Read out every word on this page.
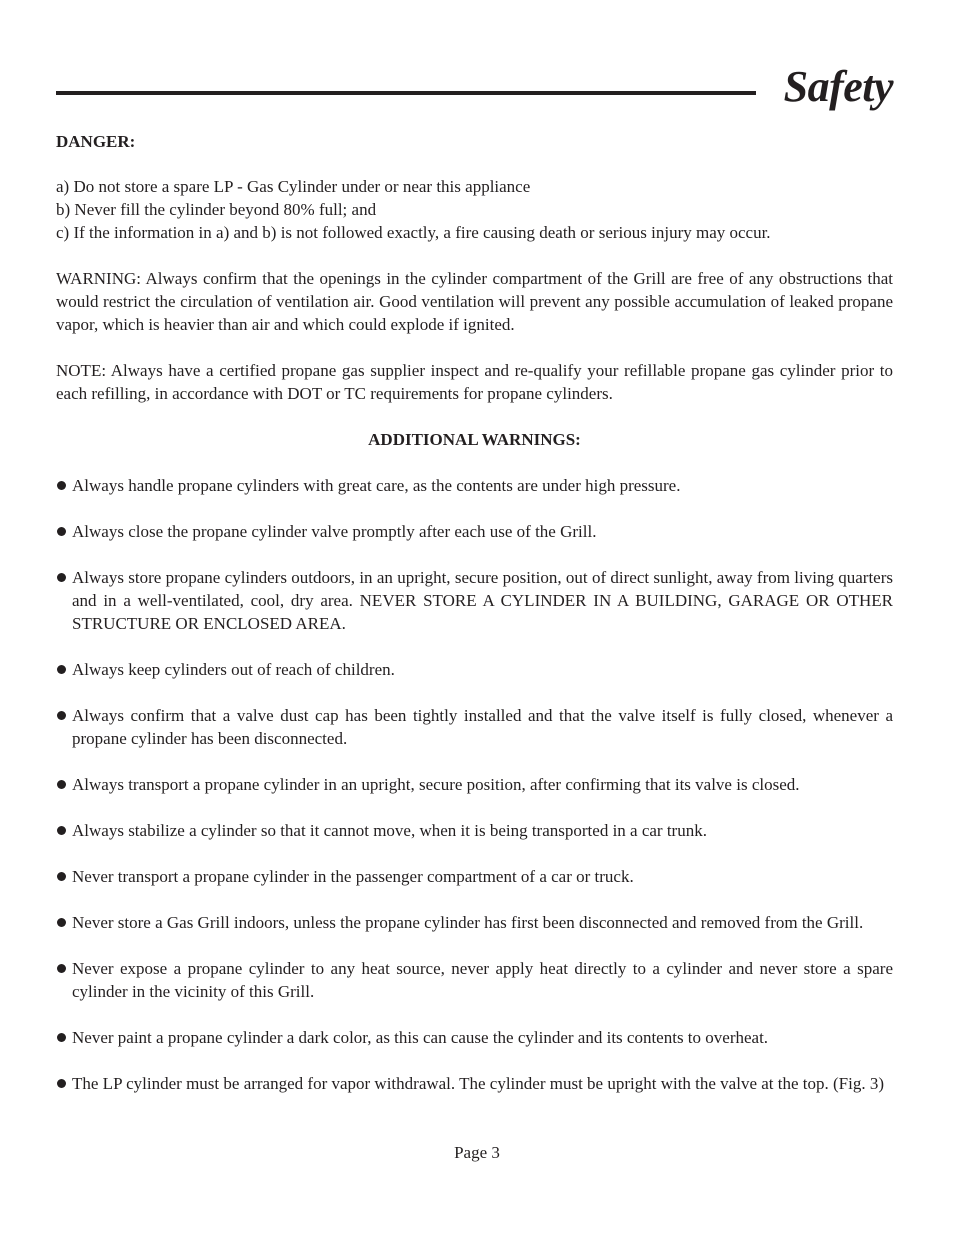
Safety

DANGER:

a) Do not store a spare LP - Gas Cylinder under or near this appliance

b) Never fill the cylinder beyond 80% full; and

c) If the information in a) and b) is not followed exactly, a fire causing death or serious injury may occur.

WARNING: Always confirm that the openings in the cylinder compartment of the Grill are free of any obstructions that would restrict the circulation of ventilation air. Good ventilation will prevent any possible accumulation of leaked propane vapor, which is heavier than air and which could explode if ignited.

NOTE: Always have a certified propane gas supplier inspect and re-qualify your refillable propane gas cylinder prior to each refilling, in accordance with DOT or TC requirements for propane cylinders.

ADDITIONAL WARNINGS:

Always handle propane cylinders with great care, as the contents are under high pressure.
Always close the propane cylinder valve promptly after each use of the Grill.
Always store propane cylinders outdoors, in an upright, secure position, out of direct sunlight, away from living quarters and in a well-ventilated, cool, dry area. NEVER STORE A CYLINDER IN A BUILDING, GARAGE OR OTHER STRUCTURE OR ENCLOSED AREA.
Always keep cylinders out of reach of children.
Always confirm that a valve dust cap has been tightly installed and that the valve itself is fully closed, whenever a propane cylinder has been disconnected.
Always transport a propane cylinder in an upright, secure position, after confirming that its valve is closed.
Always stabilize a cylinder so that it cannot move, when it is being transported in a car trunk.
Never transport a propane cylinder in the passenger compartment of a car or truck.
Never store a Gas Grill indoors, unless the propane cylinder has first been disconnected and removed from the Grill.
Never expose a propane cylinder to any heat source, never apply heat directly to a cylinder and never store a spare cylinder in the vicinity of this Grill.
Never paint a propane cylinder a dark color, as this can cause the cylinder and its contents to overheat.
The LP cylinder must be arranged for vapor withdrawal. The cylinder must be upright with the valve at the top. (Fig. 3)

Page 3
